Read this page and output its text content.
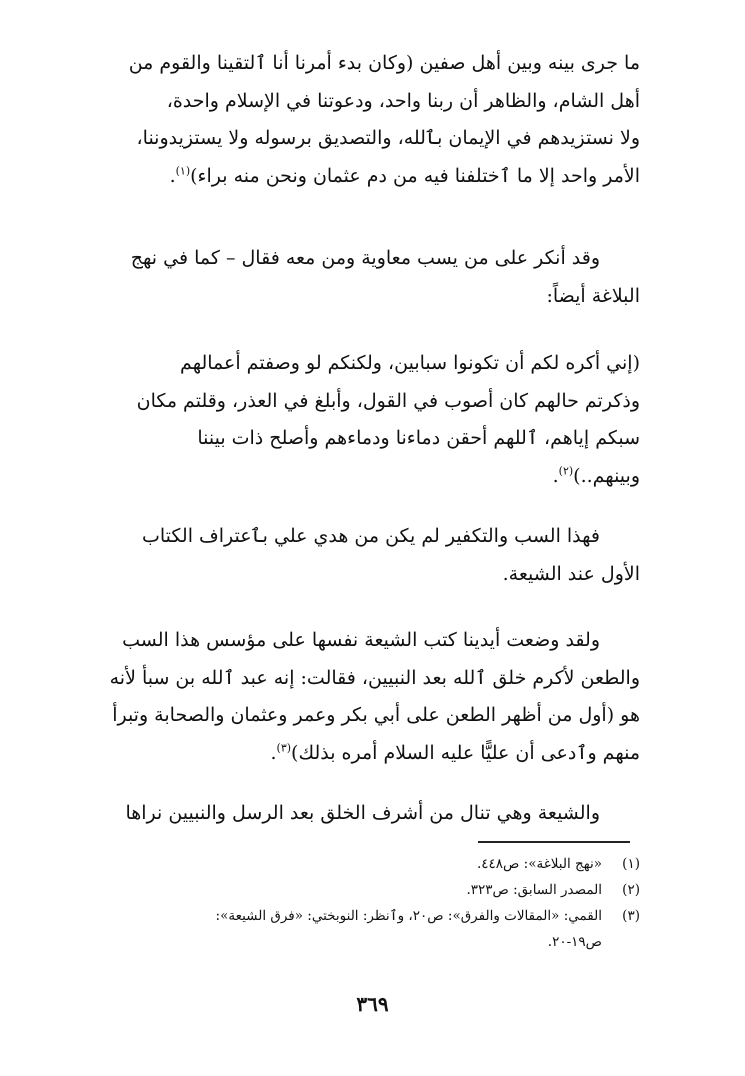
ما جرى بينه وبين أهل صفين (وكان بدء أمرنا أنا ٱلتقينا والقوم من
أهل الشام، والظاهر أن ربنا واحد، ودعوتنا في الإسلام واحدة،
ولا نستزيدهم في الإيمان بٱلله، والتصديق برسوله ولا يستزيدوننا،
الأمر واحد إلا ما ٱختلفنا فيه من دم عثمان ونحن منه براء)$^{(١)}$.
وقد أنكر على من يسب معاوية ومن معه فقال – كما في نهج
البلاغة أيضاً:
(إني أكره لكم أن تكونوا سبابين، ولكنكم لو وصفتم أعمالهم
وذكرتم حالهم كان أصوب في القول، وأبلغ في العذر، وقلتم مكان
سبكم إياهم، ٱللهم أحقن دماءنا ودماءهم وأصلح ذات بيننا
وبينهم..)$^{(٢)}$.
فهذا السب والتكفير لم يكن من هدي علي بٱعتراف الكتاب
الأول عند الشيعة.
ولقد وضعت أيدينا كتب الشيعة نفسها على مؤسس هذا السب
والطعن لأكرم خلق ٱلله بعد النبيين، فقالت: إنه عبد ٱلله بن سبأ لأنه
هو (أول من أظهر الطعن على أبي بكر وعمر وعثمان والصحابة وتبرأ
منهم وٱدعى أن عليًّا عليه السلام أمره بذلك)$^{(٣)}$.
والشيعة وهي تنال من أشرف الخلق بعد الرسل والنبيين نراها
(١)
«نهج البلاغة»: ص٤٤٨.
(٢)
المصدر السابق: ص٣٢٣.
(٣)
القمي: «المقالات والفرق»: ص٢٠، وٱنظر: النوبختي: «فرق الشيعة»:
ص١٩-٢٠.
٣٦٩
